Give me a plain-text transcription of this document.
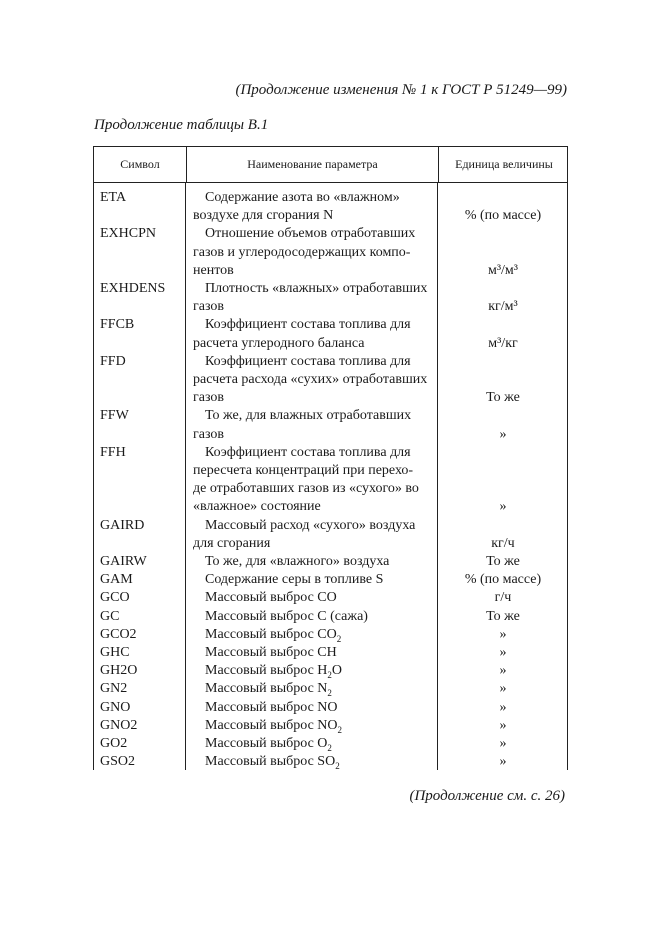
(Продолжение изменения № 1 к ГОСТ Р 51249—99)
Продолжение таблицы В.1
Символ	Наименование параметра	Единица величины
ETA	Содержание азота во «влажном»
воздухе для сгорания N	% (по массе)
EXHCPN	Отношение объемов отработавших
газов и углеродосодержащих компо-
нентов	м³/м³
EXHDENS	Плотность «влажных» отработавших
газов	кг/м³
FFCB	Коэффициент состава топлива для
расчета углеродного баланса	м³/кг
FFD	Коэффициент состава топлива для
расчета расхода «сухих» отработавших
газов	То же
FFW	То же, для влажных отработавших
газов	»
FFH	Коэффициент состава топлива для
пересчета концентраций при перехо-
де отработавших газов из «сухого» во
«влажное» состояние	»
GAIRD	Массовый расход «сухого» воздуха
для сгорания	кг/ч
GAIRW	То же, для «влажного» воздуха	То же
GAM	Содержание серы в топливе S	% (по массе)
GCO	Массовый выброс CO	г/ч
GC	Массовый выброс С (сажа)	То же
GCO2	Массовый выброс $CO_2$	»
GHC	Массовый выброс CH	»
GH2O	Массовый выброс $H_2O$	»
GN2	Массовый выброс $N_2$	»
GNO	Массовый выброс NO	»
GNO2	Массовый выброс $NO_2$	»
GO2	Массовый выброс $O_2$	»
GSO2	Массовый выброс $SO_2$	»
(Продолжение см. с. 26)
